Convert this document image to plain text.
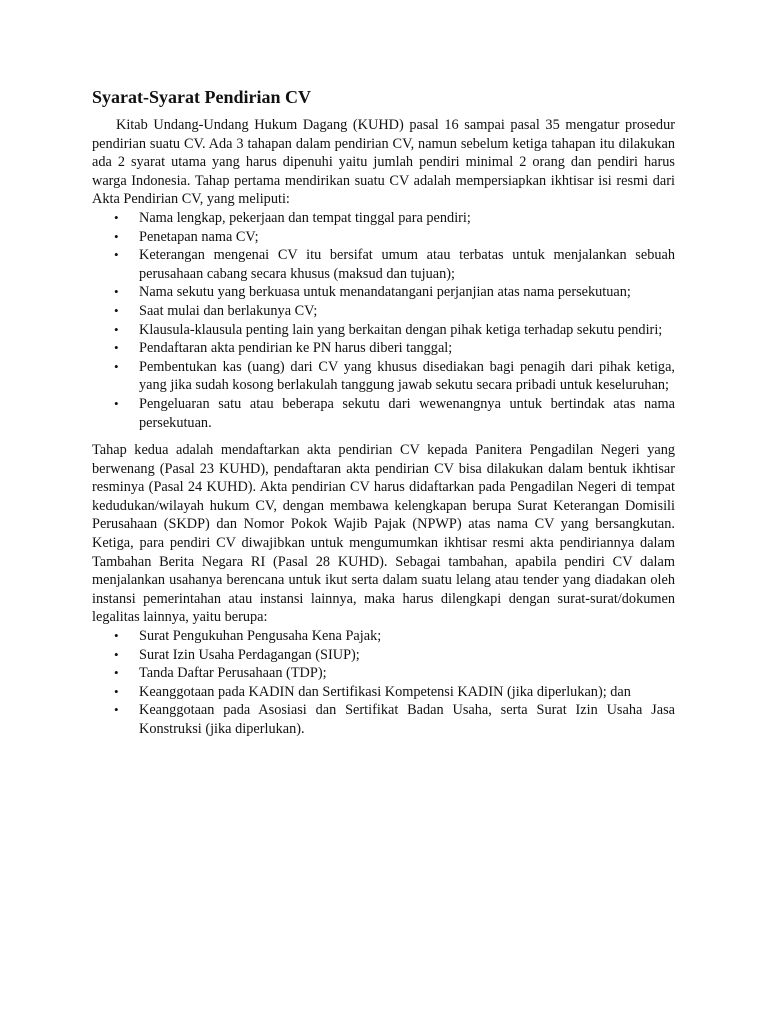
Syarat-Syarat Pendirian CV

Kitab Undang-Undang Hukum Dagang (KUHD) pasal 16 sampai pasal 35 mengatur prosedur pendirian suatu CV. Ada 3 tahapan dalam pendirian CV, namun sebelum ketiga tahapan itu dilakukan ada 2 syarat utama yang harus dipenuhi yaitu jumlah pendiri minimal 2 orang dan pendiri harus warga Indonesia. Tahap pertama mendirikan suatu CV adalah mempersiapkan ikhtisar isi resmi dari Akta Pendirian CV, yang meliputi:

• Nama lengkap, pekerjaan dan tempat tinggal para pendiri;
• Penetapan nama CV;
• Keterangan mengenai CV itu bersifat umum atau terbatas untuk menjalankan sebuah perusahaan cabang secara khusus (maksud dan tujuan);
• Nama sekutu yang berkuasa untuk menandatangani perjanjian atas nama persekutuan;
• Saat mulai dan berlakunya CV;
• Klausula-klausula penting lain yang berkaitan dengan pihak ketiga terhadap sekutu pendiri;
• Pendaftaran akta pendirian ke PN harus diberi tanggal;
• Pembentukan kas (uang) dari CV yang khusus disediakan bagi penagih dari pihak ketiga, yang jika sudah kosong berlakulah tanggung jawab sekutu secara pribadi untuk keseluruhan;
• Pengeluaran satu atau beberapa sekutu dari wewenangnya untuk bertindak atas nama persekutuan.

Tahap kedua adalah mendaftarkan akta pendirian CV kepada Panitera Pengadilan Negeri yang berwenang (Pasal 23 KUHD), pendaftaran akta pendirian CV bisa dilakukan dalam bentuk ikhtisar resminya (Pasal 24 KUHD). Akta pendirian CV harus didaftarkan pada Pengadilan Negeri di tempat kedudukan/wilayah hukum CV, dengan membawa kelengkapan berupa Surat Keterangan Domisili Perusahaan (SKDP) dan Nomor Pokok Wajib Pajak (NPWP) atas nama CV yang bersangkutan. Ketiga, para pendiri CV diwajibkan untuk mengumumkan ikhtisar resmi akta pendiriannya dalam Tambahan Berita Negara RI (Pasal 28 KUHD). Sebagai tambahan, apabila pendiri CV dalam menjalankan usahanya berencana untuk ikut serta dalam suatu lelang atau tender yang diadakan oleh instansi pemerintahan atau instansi lainnya, maka harus dilengkapi dengan surat-surat/dokumen legalitas lainnya, yaitu berupa:

• Surat Pengukuhan Pengusaha Kena Pajak;
• Surat Izin Usaha Perdagangan (SIUP);
• Tanda Daftar Perusahaan (TDP);
• Keanggotaan pada KADIN dan Sertifikasi Kompetensi KADIN (jika diperlukan); dan
• Keanggotaan pada Asosiasi dan Sertifikat Badan Usaha, serta Surat Izin Usaha Jasa Konstruksi (jika diperlukan).
